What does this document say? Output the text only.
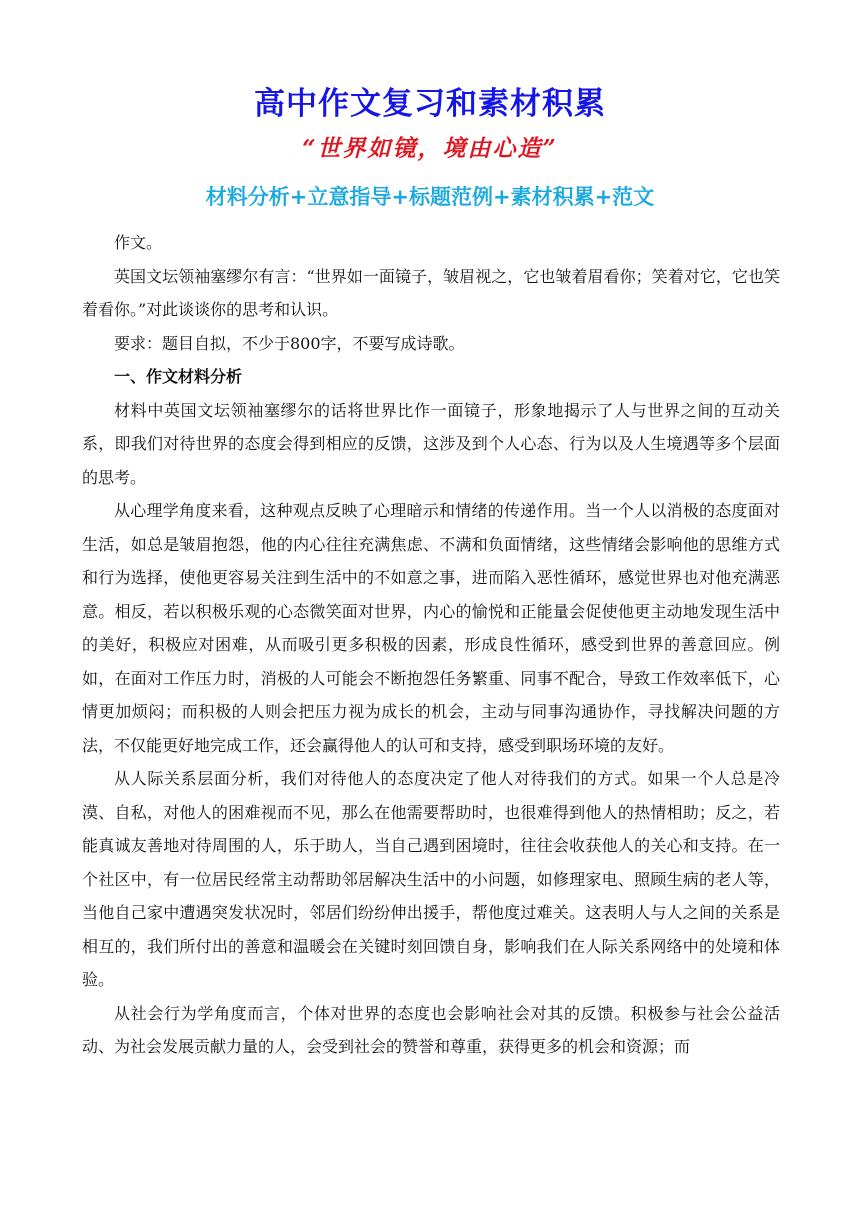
高中作文复习和素材积累
“世界如镜，境由心造”
材料分析+立意指导+标题范例+素材积累+范文

作文。

英国文坛领袖塞缪尔有言：“世界如一面镜子，皱眉视之，它也皱着眉看你；笑着对它，它也笑着看你。”对此谈谈你的思考和认识。

要求：题目自拟，不少于800字，不要写成诗歌。

一、作文材料分析

材料中英国文坛领袖塞缪尔的话将世界比作一面镜子，形象地揭示了人与世界之间的互动关系，即我们对待世界的态度会得到相应的反馈，这涉及到个人心态、行为以及人生境遇等多个层面的思考。

从心理学角度来看，这种观点反映了心理暗示和情绪的传递作用。当一个人以消极的态度面对生活，如总是皱眉抱怨，他的内心往往充满焦虑、不满和负面情绪，这些情绪会影响他的思维方式和行为选择，使他更容易关注到生活中的不如意之事，进而陷入恶性循环，感觉世界也对他充满恶意。相反，若以积极乐观的心态微笑面对世界，内心的愉悦和正能量会促使他更主动地发现生活中的美好，积极应对困难，从而吸引更多积极的因素，形成良性循环，感受到世界的善意回应。例如，在面对工作压力时，消极的人可能会不断抱怨任务繁重、同事不配合，导致工作效率低下，心情更加烦闷；而积极的人则会把压力视为成长的机会，主动与同事沟通协作，寻找解决问题的方法，不仅能更好地完成工作，还会赢得他人的认可和支持，感受到职场环境的友好。

从人际关系层面分析，我们对待他人的态度决定了他人对待我们的方式。如果一个人总是冷漠、自私，对他人的困难视而不见，那么在他需要帮助时，也很难得到他人的热情相助；反之，若能真诚友善地对待周围的人，乐于助人，当自己遇到困境时，往往会收获他人的关心和支持。在一个社区中，有一位居民经常主动帮助邻居解决生活中的小问题，如修理家电、照顾生病的老人等，当他自己家中遭遇突发状况时，邻居们纷纷伸出援手，帮他度过难关。这表明人与人之间的关系是相互的，我们所付出的善意和温暖会在关键时刻回馈自身，影响我们在人际关系网络中的处境和体验。

从社会行为学角度而言，个体对世界的态度也会影响社会对其的反馈。积极参与社会公益活动、为社会发展贡献力量的人，会受到社会的赞誉和尊重，获得更多的机会和资源；而
